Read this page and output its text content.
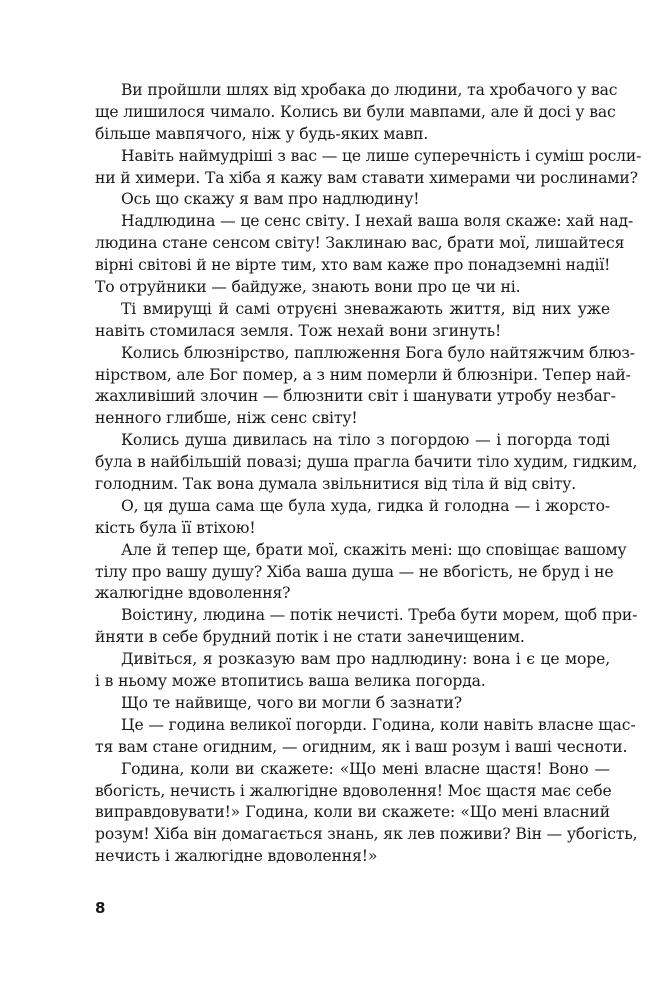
Ви пройшли шлях від хробака до людини, та хробачого у вас
ще лишилося чимало. Колись ви були мавпами, але й досі у вас
більше мавпячого, ніж у будь-яких мавп.
Навіть наймудріші з вас — це лише суперечність і суміш росли-
ни й химери. Та хіба я кажу вам ставати химерами чи рослинами?
Ось що скажу я вам про надлюдину!
Надлюдина — це сенс світу. І нехай ваша воля скаже: хай над-
людина стане сенсом світу! Заклинаю вас, брати мої, лишайтеся
вірні світові й не вірте тим, хто вам каже про понадземні надії!
То отруйники — байдуже, знають вони про це чи ні.
Ті вмирущі й самі отруєні зневажають життя, від них уже
навіть стомилася земля. Тож нехай вони згинуть!
Колись блюзнірство, паплюження Бога було найтяжчим блюз-
нірством, але Бог помер, а з ним померли й блюзніри. Тепер най-
жахливіший злочин — блюзнити світ і шанувати утробу незбаг-
ненного глибше, ніж сенс світу!
Колись душа дивилась на тіло з погордою — і погорда тоді
була в найбільшій повазі; душа прагла бачити тіло худим, гидким,
голодним. Так вона думала звільнитися від тіла й від світу.
О, ця душа сама ще була худа, гидка й голодна — і жорсто-
кість була її втіхою!
Але й тепер ще, брати мої, скажіть мені: що сповіщає вашому
тілу про вашу душу? Хіба ваша душа — не вбогість, не бруд і не
жалюгідне вдоволення?
Воістину, людина — потік нечисті. Треба бути морем, щоб при-
йняти в себе брудний потік і не стати занечищеним.
Дивіться, я розказую вам про надлюдину: вона і є це море,
і в ньому може втопитись ваша велика погорда.
Що те найвище, чого ви могли б зазнати?
Це — година великої погорди. Година, коли навіть власне щас-
тя вам стане огидним, — огидним, як і ваш розум і ваші чесноти.
Година, коли ви скажете: «Що мені власне щастя! Воно —
вбогість, нечисть і жалюгідне вдоволення! Моє щастя має себе
виправдовувати!» Година, коли ви скажете: «Що мені власний
розум! Хіба він домагається знань, як лев поживи? Він — убогість,
нечисть і жалюгідне вдоволення!»
8
